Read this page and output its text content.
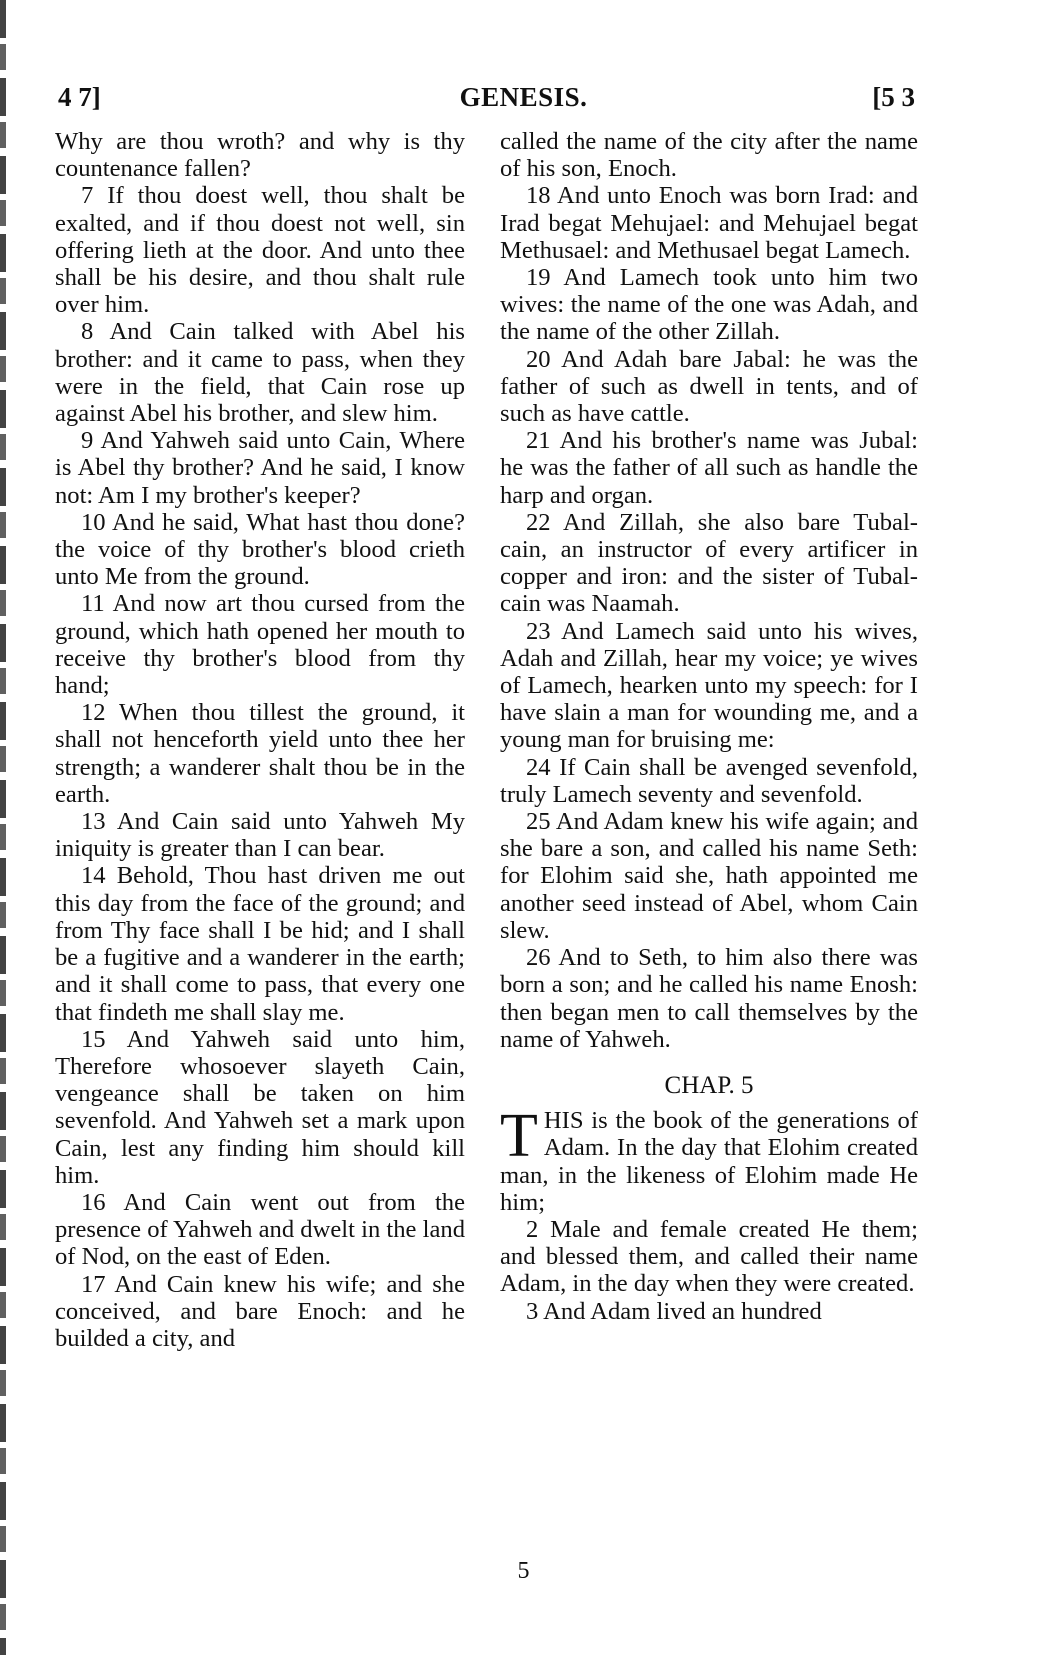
GENESIS.
4 7]	[5 3

Why are thou wroth? and why is thy countenance fallen?

7 If thou doest well, thou shalt be exalted, and if thou doest not well, sin offering lieth at the door. And unto thee shall be his desire, and thou shalt rule over him.

8 And Cain talked with Abel his brother: and it came to pass, when they were in the field, that Cain rose up against Abel his brother, and slew him.

9 And Yahweh said unto Cain, Where is Abel thy brother? And he said, I know not: Am I my brother's keeper?

10 And he said, What hast thou done? the voice of thy brother's blood crieth unto Me from the ground.

11 And now art thou cursed from the ground, which hath opened her mouth to receive thy brother's blood from thy hand;

12 When thou tillest the ground, it shall not henceforth yield unto thee her strength; a wanderer shalt thou be in the earth.

13 And Cain said unto Yahweh My iniquity is greater than I can bear.

14 Behold, Thou hast driven me out this day from the face of the ground; and from Thy face shall I be hid; and I shall be a fugitive and a wanderer in the earth; and it shall come to pass, that every one that findeth me shall slay me.

15 And Yahweh said unto him, Therefore whosoever slayeth Cain, vengeance shall be taken on him sevenfold. And Yahweh set a mark upon Cain, lest any finding him should kill him.

16 And Cain went out from the presence of Yahweh and dwelt in the land of Nod, on the east of Eden.

17 And Cain knew his wife; and she conceived, and bare Enoch: and he builded a city, and

called the name of the city after the name of his son, Enoch.

18 And unto Enoch was born Irad: and Irad begat Mehujael: and Mehujael begat Methusael: and Methusael begat Lamech.

19 And Lamech took unto him two wives: the name of the one was Adah, and the name of the other Zillah.

20 And Adah bare Jabal: he was the father of such as dwell in tents, and of such as have cattle.

21 And his brother's name was Jubal: he was the father of all such as handle the harp and organ.

22 And Zillah, she also bare Tubal-cain, an instructor of every artificer in copper and iron: and the sister of Tubal-cain was Naamah.

23 And Lamech said unto his wives, Adah and Zillah, hear my voice; ye wives of Lamech, hearken unto my speech: for I have slain a man for wounding me, and a young man for bruising me:

24 If Cain shall be avenged sevenfold, truly Lamech seventy and sevenfold.

25 And Adam knew his wife again; and she bare a son, and called his name Seth: for Elohim said she, hath appointed me another seed instead of Abel, whom Cain slew.

26 And to Seth, to him also there was born a son; and he called his name Enosh: then began men to call themselves by the name of Yahweh.

CHAP. 5

THIS is the book of the generations of Adam. In the day that Elohim created man, in the likeness of Elohim made He him;

2 Male and female created He them; and blessed them, and called their name Adam, in the day when they were created.

3 And Adam lived an hundred

5
